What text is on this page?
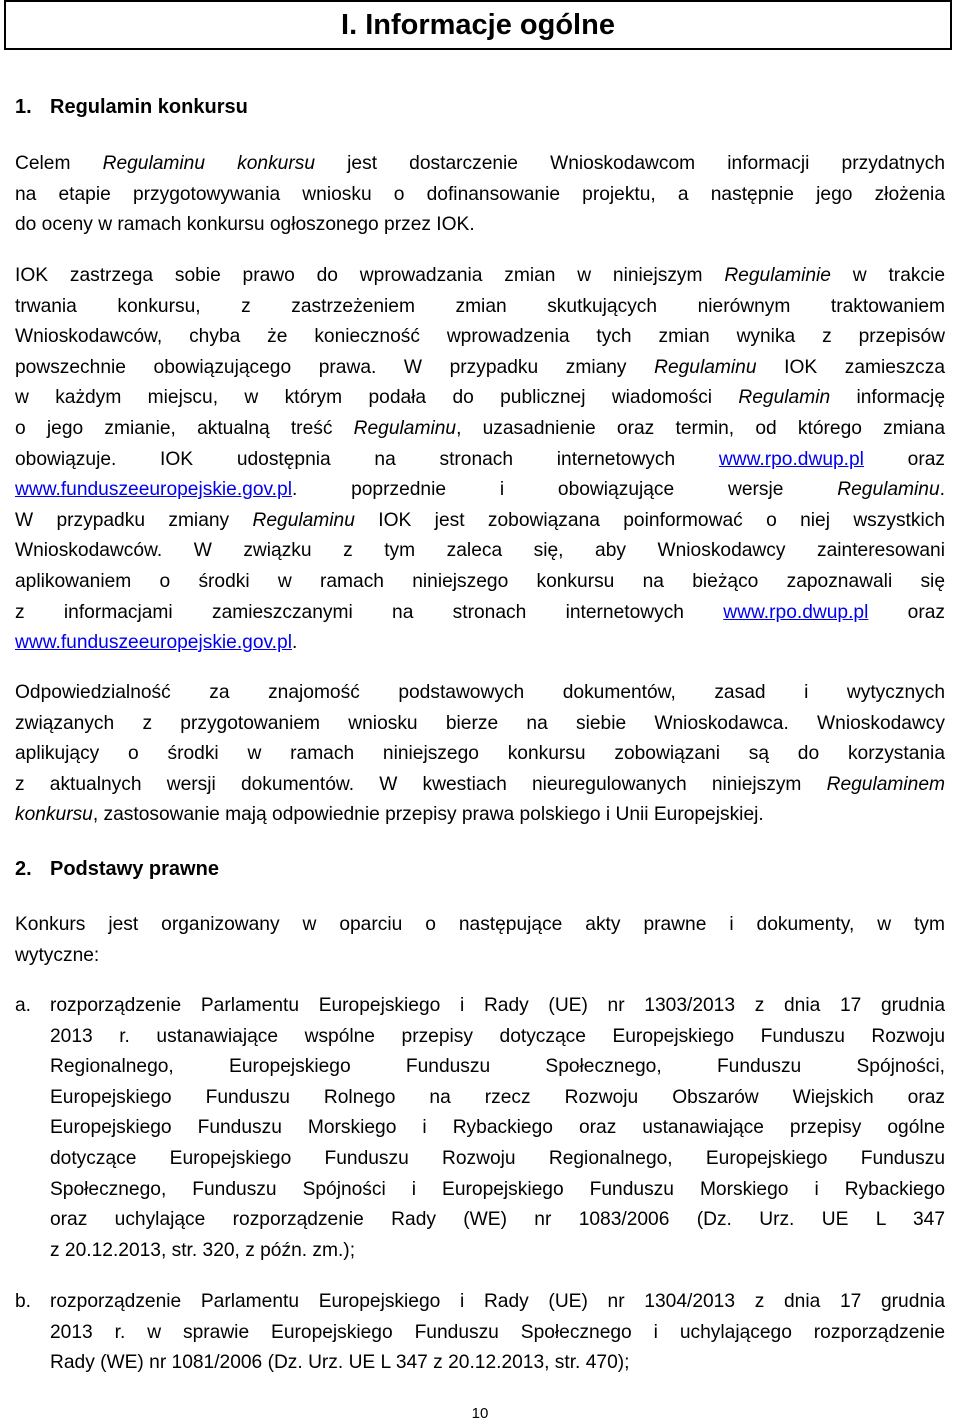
I. Informacje ogólne
1. Regulamin konkursu
Celem Regulaminu konkursu jest dostarczenie Wnioskodawcom informacji przydatnych
na etapie przygotowywania wniosku o dofinansowanie projektu, a następnie jego złożenia
do oceny w ramach konkursu ogłoszonego przez IOK.
IOK zastrzega sobie prawo do wprowadzania zmian w niniejszym Regulaminie w trakcie
trwania konkursu, z zastrzeżeniem zmian skutkujących nierównym traktowaniem
Wnioskodawców, chyba że konieczność wprowadzenia tych zmian wynika z przepisów
powszechnie obowiązującego prawa. W przypadku zmiany Regulaminu IOK zamieszcza
w każdym miejscu, w którym podała do publicznej wiadomości Regulamin informację
o jego zmianie, aktualną treść Regulaminu, uzasadnienie oraz termin, od którego zmiana
obowiązuje. IOK udostępnia na stronach internetowych www.rpo.dwup.pl oraz
www.funduszeeuropejskie.gov.pl. poprzednie i obowiązujące wersje Regulaminu.
W przypadku zmiany Regulaminu IOK jest zobowiązana poinformować o niej wszystkich
Wnioskodawców. W związku z tym zaleca się, aby Wnioskodawcy zainteresowani
aplikowaniem o środki w ramach niniejszego konkursu na bieżąco zapoznawali się
z informacjami zamieszczanymi na stronach internetowych www.rpo.dwup.pl oraz
www.funduszeeuropejskie.gov.pl.
Odpowiedzialność za znajomość podstawowych dokumentów, zasad i wytycznych
związanych z przygotowaniem wniosku bierze na siebie Wnioskodawca. Wnioskodawcy
aplikujący o środki w ramach niniejszego konkursu zobowiązani są do korzystania
z aktualnych wersji dokumentów. W kwestiach nieuregulowanych niniejszym Regulaminem
konkursu, zastosowanie mają odpowiednie przepisy prawa polskiego i Unii Europejskiej.
2. Podstawy prawne
Konkurs jest organizowany w oparciu o następujące akty prawne i dokumenty, w tym
wytyczne:
a. rozporządzenie Parlamentu Europejskiego i Rady (UE) nr 1303/2013 z dnia 17 grudnia
2013 r. ustanawiające wspólne przepisy dotyczące Europejskiego Funduszu Rozwoju
Regionalnego, Europejskiego Funduszu Społecznego, Funduszu Spójności,
Europejskiego Funduszu Rolnego na rzecz Rozwoju Obszarów Wiejskich oraz
Europejskiego Funduszu Morskiego i Rybackiego oraz ustanawiające przepisy ogólne
dotyczące Europejskiego Funduszu Rozwoju Regionalnego, Europejskiego Funduszu
Społecznego, Funduszu Spójności i Europejskiego Funduszu Morskiego i Rybackiego
oraz uchylające rozporządzenie Rady (WE) nr 1083/2006 (Dz. Urz. UE L 347
z 20.12.2013, str. 320, z późn. zm.);
b. rozporządzenie Parlamentu Europejskiego i Rady (UE) nr 1304/2013 z dnia 17 grudnia
2013 r. w sprawie Europejskiego Funduszu Społecznego i uchylającego rozporządzenie
Rady (WE) nr 1081/2006 (Dz. Urz. UE L 347 z 20.12.2013, str. 470);
10
